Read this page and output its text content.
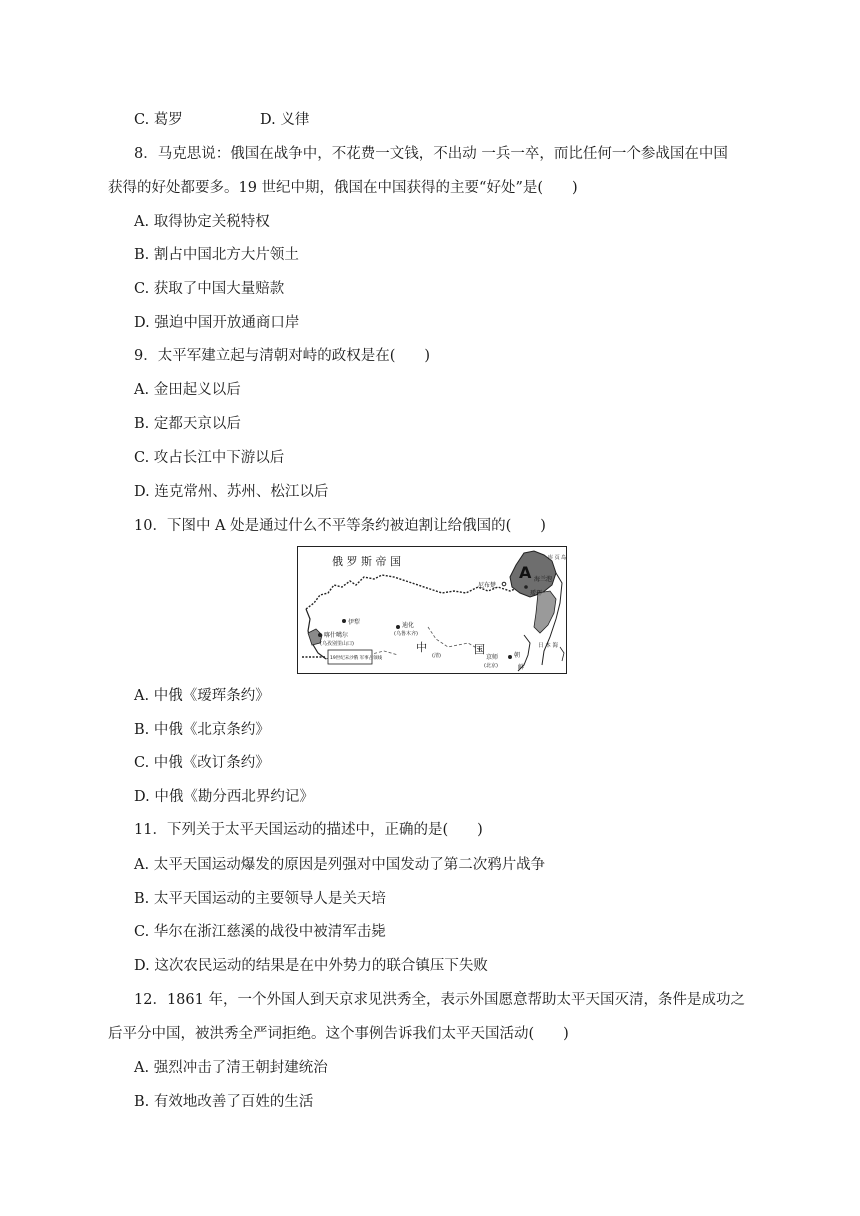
C. 葛罗	D. 义律
8．马克思说：俄国在战争中，不花费一文钱，不出动 一兵一卒，而比任何一个参战国在中国
获得的好处都要多。19 世纪中期，俄国在中国获得的主要“好处”是(　　)
A. 取得协定关税特权
B. 割占中国北方大片领土
C. 获取了中国大量赔款
D. 强迫中国开放通商口岸
9．太平军建立起与清朝对峙的政权是在(　　)
A. 金田起义以后
B. 定都天京以后
C. 攻占长江中下游以后
D. 连克常州、苏州、松江以后
10．下图中 A 处是通过什么不平等条约被迫割让给俄国的(　　)
俄 罗 斯 帝 国
A
尼布楚
海兰泡
瑷珲
伊犁	迪化
(乌鲁木齐)
喀什噶尔
(乌孜别里山口)
19世纪末沙俄 军事占领线
中	国
京师
(北京)
(清)
日 本 海
朝
鲜
库 页 岛
A. 中俄《瑷珲条约》
B. 中俄《北京条约》
C. 中俄《改订条约》
D. 中俄《勘分西北界约记》
11．下列关于太平天国运动的描述中，正确的是(　　)
A. 太平天国运动爆发的原因是列强对中国发动了第二次鸦片战争
B. 太平天国运动的主要领导人是关天培
C. 华尔在浙江慈溪的战役中被清军击毙
D. 这次农民运动的结果是在中外势力的联合镇压下失败
12．1861 年，一个外国人到天京求见洪秀全，表示外国愿意帮助太平天国灭清，条件是成功之
后平分中国，被洪秀全严词拒绝。这个事例告诉我们太平天国活动(　　)
A. 强烈冲击了清王朝封建统治
B. 有效地改善了百姓的生活
